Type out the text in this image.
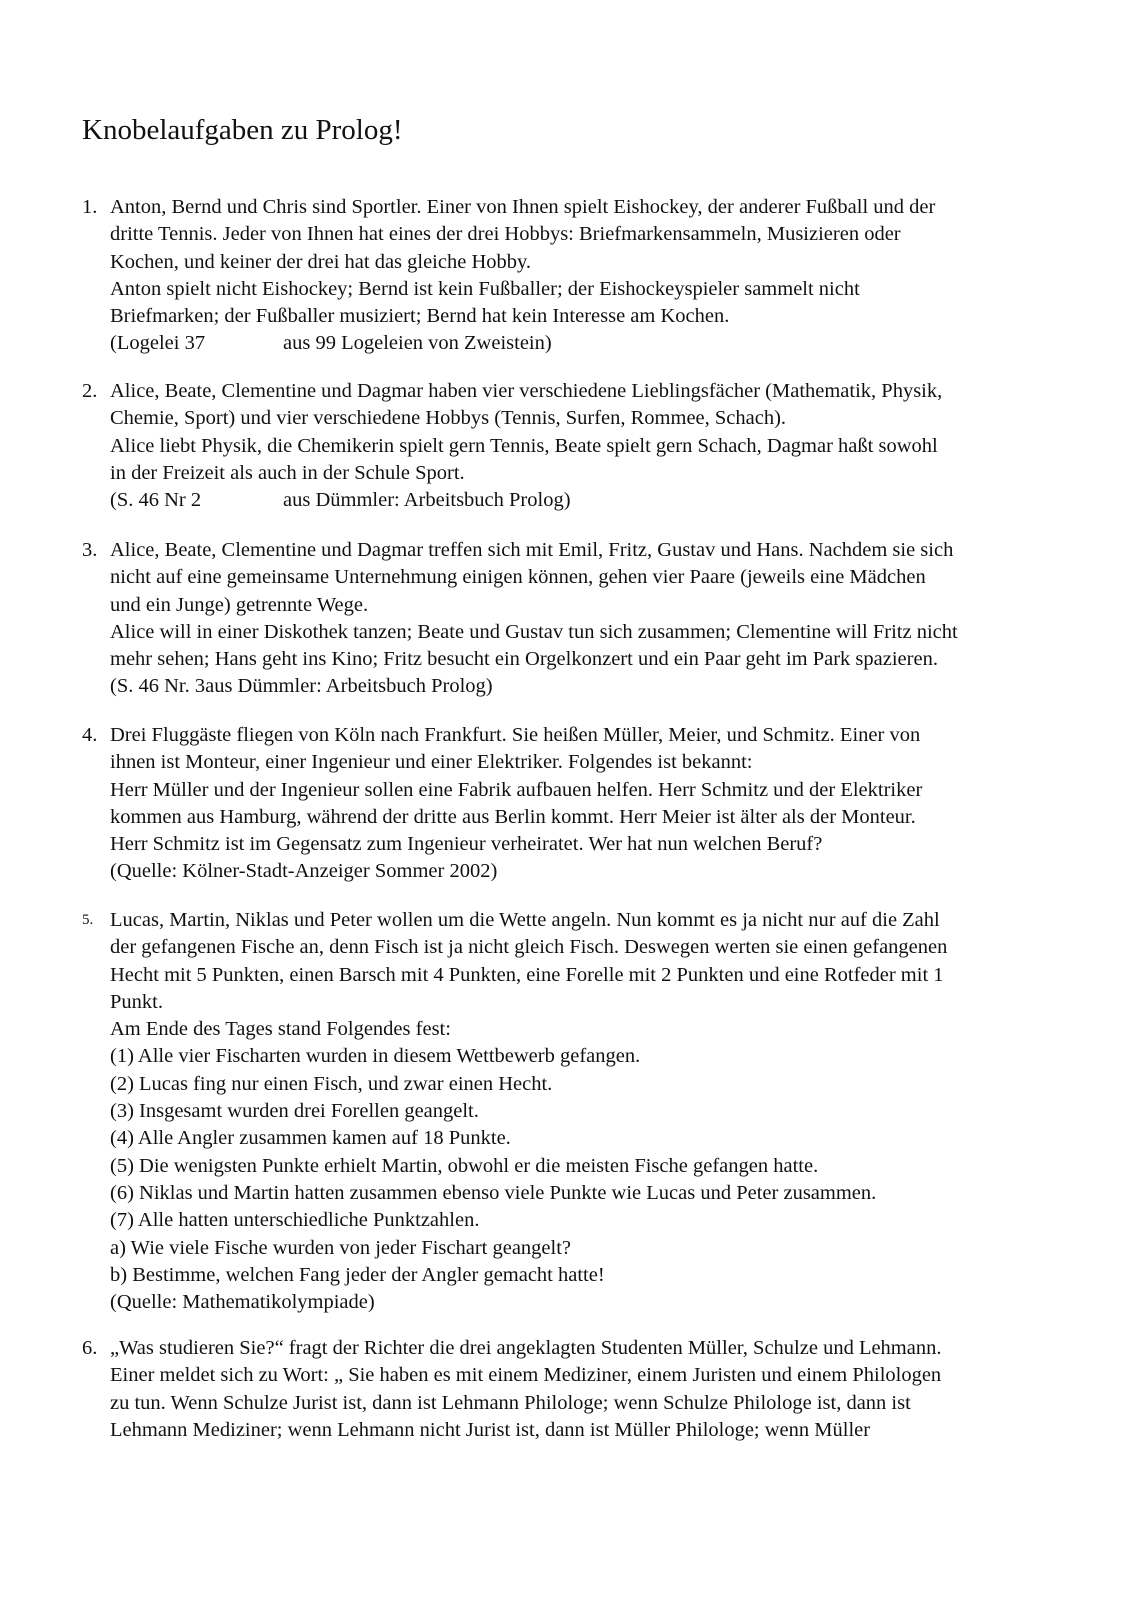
Knobelaufgaben zu Prolog!
1. Anton, Bernd und Chris sind Sportler. Einer von Ihnen spielt Eishockey, der anderer Fußball und der
dritte Tennis. Jeder von Ihnen hat eines der drei Hobbys: Briefmarkensammeln, Musizieren oder
Kochen, und keiner der drei hat das gleiche Hobby.
Anton spielt nicht Eishockey; Bernd ist kein Fußballer; der Eishockeyspieler sammelt nicht
Briefmarken; der Fußballer musiziert; Bernd hat kein Interesse am Kochen.
(Logelei 37	aus 99 Logeleien von Zweistein)
2. Alice, Beate, Clementine und Dagmar haben vier verschiedene Lieblingsfächer (Mathematik, Physik,
Chemie, Sport) und vier verschiedene Hobbys (Tennis, Surfen, Rommee, Schach).
Alice liebt Physik, die Chemikerin spielt gern Tennis, Beate spielt gern Schach, Dagmar haßt sowohl
in der Freizeit als auch in der Schule Sport.
(S. 46 Nr 2	aus Dümmler: Arbeitsbuch Prolog)
3. Alice, Beate, Clementine und Dagmar treffen sich mit Emil, Fritz, Gustav und Hans. Nachdem sie sich
nicht auf eine gemeinsame Unternehmung einigen können, gehen vier Paare (jeweils eine Mädchen
und ein Junge) getrennte Wege.
Alice will in einer Diskothek tanzen; Beate und Gustav tun sich zusammen; Clementine will Fritz nicht
mehr sehen; Hans geht ins Kino; Fritz besucht ein Orgelkonzert und ein Paar geht im Park spazieren.
(S. 46 Nr. 3aus Dümmler: Arbeitsbuch Prolog)
4. Drei Fluggäste fliegen von Köln nach Frankfurt. Sie heißen Müller, Meier, und Schmitz. Einer von
ihnen ist Monteur, einer Ingenieur und einer Elektriker. Folgendes ist bekannt:
Herr Müller und der Ingenieur sollen eine Fabrik aufbauen helfen. Herr Schmitz und der Elektriker
kommen aus Hamburg, während der dritte aus Berlin kommt. Herr Meier ist älter als der Monteur.
Herr Schmitz ist im Gegensatz zum Ingenieur verheiratet. Wer hat nun welchen Beruf?
(Quelle: Kölner-Stadt-Anzeiger Sommer 2002)
5. Lucas, Martin, Niklas und Peter wollen um die Wette angeln. Nun kommt es ja nicht nur auf die Zahl
der gefangenen Fische an, denn Fisch ist ja nicht gleich Fisch. Deswegen werten sie einen gefangenen
Hecht mit 5 Punkten, einen Barsch mit 4 Punkten, eine Forelle mit 2 Punkten und eine Rotfeder mit 1
Punkt.
Am Ende des Tages stand Folgendes fest:
(1) Alle vier Fischarten wurden in diesem Wettbewerb gefangen.
(2) Lucas fing nur einen Fisch, und zwar einen Hecht.
(3) Insgesamt wurden drei Forellen geangelt.
(4) Alle Angler zusammen kamen auf 18 Punkte.
(5) Die wenigsten Punkte erhielt Martin, obwohl er die meisten Fische gefangen hatte.
(6) Niklas und Martin hatten zusammen ebenso viele Punkte wie Lucas und Peter zusammen.
(7) Alle hatten unterschiedliche Punktzahlen.
a) Wie viele Fische wurden von jeder Fischart geangelt?
b) Bestimme, welchen Fang jeder der Angler gemacht hatte!
(Quelle: Mathematikolympiade)
6. „Was studieren Sie?“ fragt der Richter die drei angeklagten Studenten Müller, Schulze und Lehmann.
Einer meldet sich zu Wort: „ Sie haben es mit einem Mediziner, einem Juristen und einem Philologen
zu tun. Wenn Schulze Jurist ist, dann ist Lehmann Philologe; wenn Schulze Philologe ist, dann ist
Lehmann Mediziner; wenn Lehmann nicht Jurist ist, dann ist Müller Philologe; wenn Müller
